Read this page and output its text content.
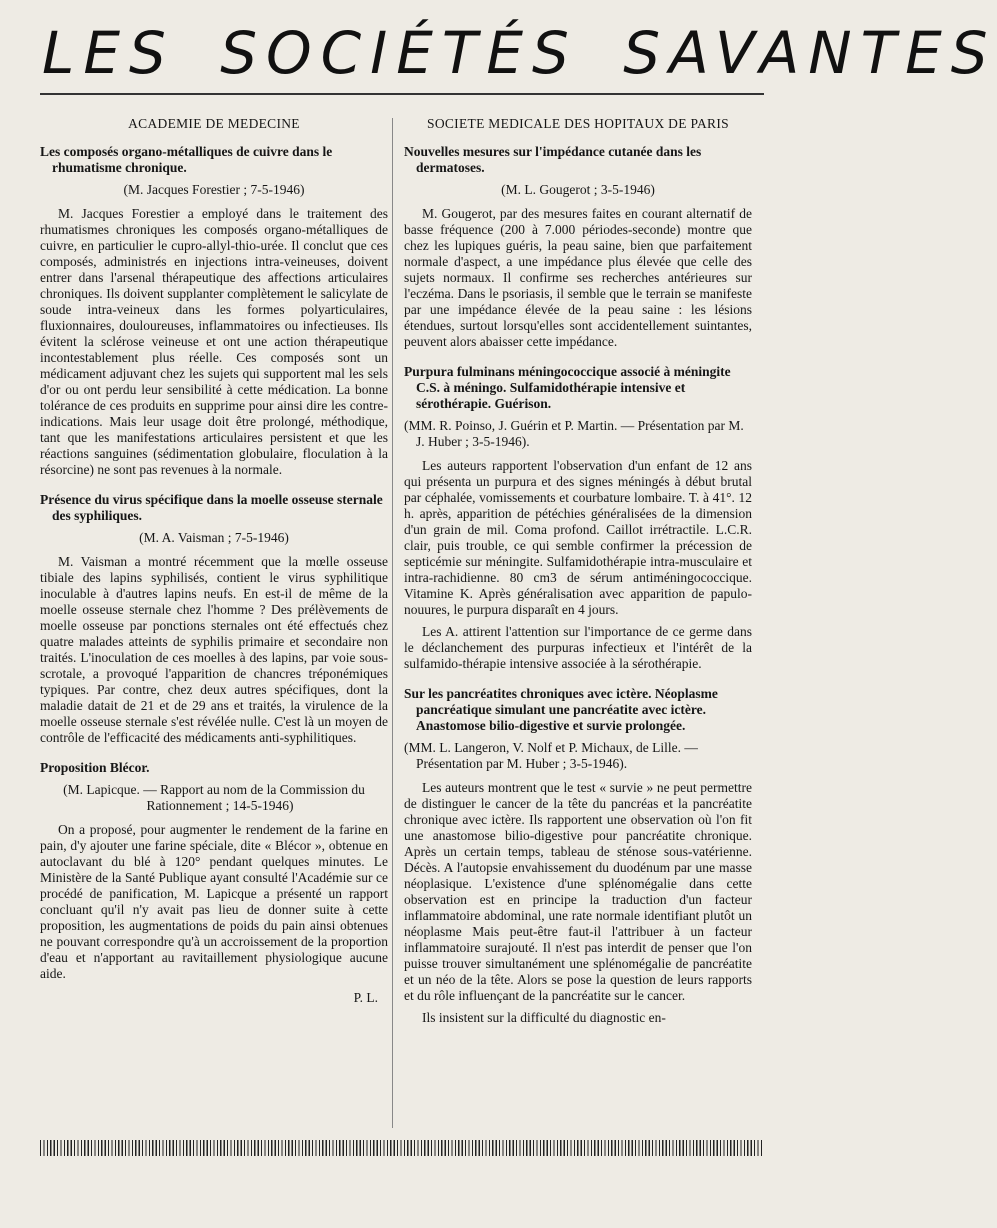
LES SOCIÉTÉS SAVANTES
ACADEMIE DE MEDECINE
Les composés organo-métalliques de cuivre dans le rhumatisme chronique.
(M. Jacques Forestier ; 7-5-1946)
M. Jacques Forestier a employé dans le traitement des rhumatismes chroniques les composés organo-métalliques de cuivre, en particulier le cupro-allyl-thio-urée. Il conclut que ces composés, administrés en injections intra-veineuses, doivent entrer dans l'arsenal thérapeutique des affections articulaires chroniques. Ils doivent supplanter complètement le salicylate de soude intra-veineux dans les formes polyarticulaires, fluxionnaires, douloureuses, inflammatoires ou infectieuses. Ils évitent la sclérose veineuse et ont une action thérapeutique incontestablement plus réelle. Ces composés sont un médicament adjuvant chez les sujets qui supportent mal les sels d'or ou ont perdu leur sensibilité à cette médication. La bonne tolérance de ces produits en supprime pour ainsi dire les contre-indications. Mais leur usage doit être prolongé, méthodique, tant que les manifestations articulaires persistent et que les réactions sanguines (sédimentation globulaire, floculation à la résorcine) ne sont pas revenues à la normale.
Présence du virus spécifique dans la moelle osseuse sternale des syphiliques.
(M. A. Vaisman ; 7-5-1946)
M. Vaisman a montré récemment que la mœlle osseuse tibiale des lapins syphilisés, contient le virus syphilitique inoculable à d'autres lapins neufs. En est-il de même de la moelle osseuse sternale chez l'homme ? Des prélèvements de moelle osseuse par ponctions sternales ont été effectués chez quatre malades atteints de syphilis primaire et secondaire non traités. L'inoculation de ces moelles à des lapins, par voie sous-scrotale, a provoqué l'apparition de chancres tréponémiques typiques. Par contre, chez deux autres spécifiques, dont la maladie datait de 21 et de 29 ans et traités, la virulence de la moelle osseuse sternale s'est révélée nulle. C'est là un moyen de contrôle de l'efficacité des médicaments anti-syphilitiques.
Proposition Blécor.
(M. Lapicque. — Rapport au nom de la Commission du Rationnement ; 14-5-1946)
On a proposé, pour augmenter le rendement de la farine en pain, d'y ajouter une farine spéciale, dite « Blécor », obtenue en autoclavant du blé à 120° pendant quelques minutes. Le Ministère de la Santé Publique ayant consulté l'Académie sur ce procédé de panification, M. Lapicque a présenté un rapport concluant qu'il n'y avait pas lieu de donner suite à cette proposition, les augmentations de poids du pain ainsi obtenues ne pouvant correspondre qu'à un accroissement de la proportion d'eau et n'apportant au ravitaillement physiologique aucune aide.
P. L.
SOCIETE MEDICALE DES HOPITAUX DE PARIS
Nouvelles mesures sur l'impédance cutanée dans les dermatoses.
(M. L. Gougerot ; 3-5-1946)
M. Gougerot, par des mesures faites en courant alternatif de basse fréquence (200 à 7.000 périodes-seconde) montre que chez les lupiques guéris, la peau saine, bien que parfaitement normale d'aspect, a une impédance plus élevée que celle des sujets normaux. Il confirme ses recherches antérieures sur l'eczéma. Dans le psoriasis, il semble que le terrain se manifeste par une impédance élevée de la peau saine : les lésions étendues, surtout lorsqu'elles sont accidentellement suintantes, peuvent alors abaisser cette impédance.
Purpura fulminans méningococcique associé à méningite C.S. à méningo. Sulfamidothérapie intensive et sérothérapie. Guérison.
(MM. R. Poinso, J. Guérin et P. Martin. — Présentation par M. J. Huber ; 3-5-1946).
Les auteurs rapportent l'observation d'un enfant de 12 ans qui présenta un purpura et des signes méningés à début brutal par céphalée, vomissements et courbature lombaire. T. à 41°. 12 h. après, apparition de pétéchies généralisées de la dimension d'un grain de mil. Coma profond. Caillot irrétractile. L.C.R. clair, puis trouble, ce qui semble confirmer la précession de septicémie sur méningite. Sulfamidothérapie intra-musculaire et intra-rachidienne. 80 cm3 de sérum antiméningococcique. Vitamine K. Après généralisation avec apparition de papulo-nouures, le purpura disparaît en 4 jours.
Les A. attirent l'attention sur l'importance de ce germe dans le déclanchement des purpuras infectieux et l'intérêt de la sulfamido-thérapie intensive associée à la sérothérapie.
Sur les pancréatites chroniques avec ictère. Néoplasme pancréatique simulant une pancréatite avec ictère. Anastomose bilio-digestive et survie prolongée.
(MM. L. Langeron, V. Nolf et P. Michaux, de Lille. — Présentation par M. Huber ; 3-5-1946).
Les auteurs montrent que le test « survie » ne peut permettre de distinguer le cancer de la tête du pancréas et la pancréatite chronique avec ictère. Ils rapportent une observation où l'on fit une anastomose bilio-digestive pour pancréatite chronique. Après un certain temps, tableau de sténose sous-vatérienne. Décès. A l'autopsie envahissement du duodénum par une masse néoplasique. L'existence d'une splénomégalie dans cette observation est en principe la traduction d'un facteur inflammatoire abdominal, une rate normale identifiant plutôt un néoplasme Mais peut-être faut-il l'attribuer à un facteur inflammatoire surajouté. Il n'est pas interdit de penser que l'on puisse trouver simultanément une splénomégalie de pancréatite et un néo de la tête. Alors se pose la question de leurs rapports et du rôle influençant de la pancréatite sur le cancer.
Ils insistent sur la difficulté du diagnostic en-
